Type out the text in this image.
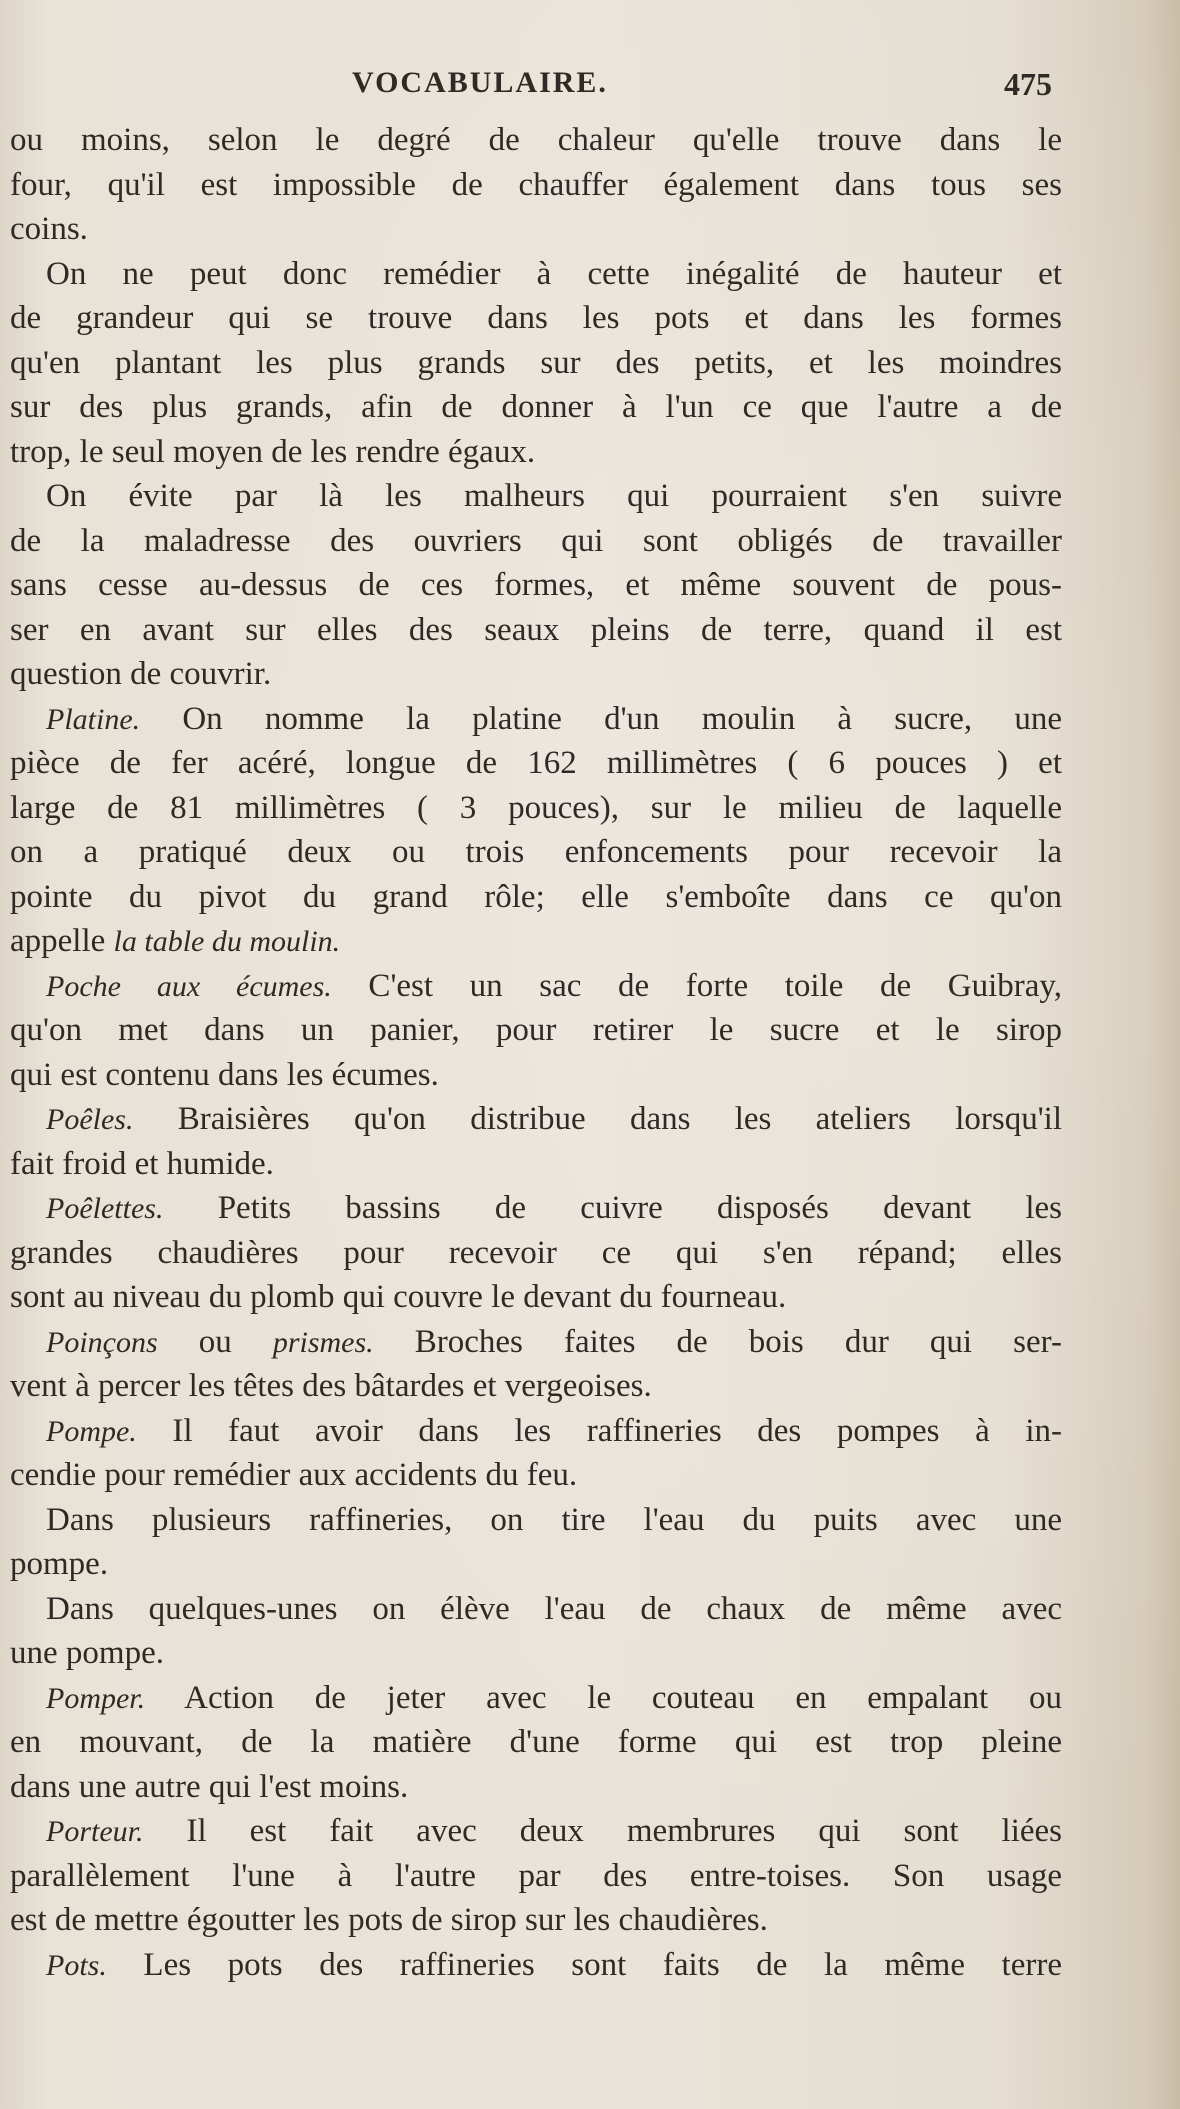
VOCABULAIRE.	475
ou moins, selon le degré de chaleur qu'elle trouve dans le
four, qu'il est impossible de chauffer également dans tous ses
coins.
On ne peut donc remédier à cette inégalité de hauteur et
de grandeur qui se trouve dans les pots et dans les formes
qu'en plantant les plus grands sur des petits, et les moindres
sur des plus grands, afin de donner à l'un ce que l'autre a de
trop, le seul moyen de les rendre égaux.
On évite par là les malheurs qui pourraient s'en suivre
de la maladresse des ouvriers qui sont obligés de travailler
sans cesse au-dessus de ces formes, et même souvent de pous-
ser en avant sur elles des seaux pleins de terre, quand il est
question de couvrir.
Platine. On nomme la platine d'un moulin à sucre, une
pièce de fer acéré, longue de 162 millimètres ( 6 pouces ) et
large de 81 millimètres ( 3 pouces), sur le milieu de laquelle
on a pratiqué deux ou trois enfoncements pour recevoir la
pointe du pivot du grand rôle; elle s'emboîte dans ce qu'on
appelle la table du moulin.
Poche aux écumes. C'est un sac de forte toile de Guibray,
qu'on met dans un panier, pour retirer le sucre et le sirop
qui est contenu dans les écumes.
Poêles. Braisières qu'on distribue dans les ateliers lorsqu'il
fait froid et humide.
Poêlettes. Petits bassins de cuivre disposés devant les
grandes chaudières pour recevoir ce qui s'en répand; elles
sont au niveau du plomb qui couvre le devant du fourneau.
Poinçons ou prismes. Broches faites de bois dur qui ser-
vent à percer les têtes des bâtardes et vergeoises.
Pompe. Il faut avoir dans les raffineries des pompes à in-
cendie pour remédier aux accidents du feu.
Dans plusieurs raffineries, on tire l'eau du puits avec une
pompe.
Dans quelques-unes on élève l'eau de chaux de même avec
une pompe.
Pomper. Action de jeter avec le couteau en empalant ou
en mouvant, de la matière d'une forme qui est trop pleine
dans une autre qui l'est moins.
Porteur. Il est fait avec deux membrures qui sont liées
parallèlement l'une à l'autre par des entre-toises. Son usage
est de mettre égoutter les pots de sirop sur les chaudières.
Pots. Les pots des raffineries sont faits de la même terre
